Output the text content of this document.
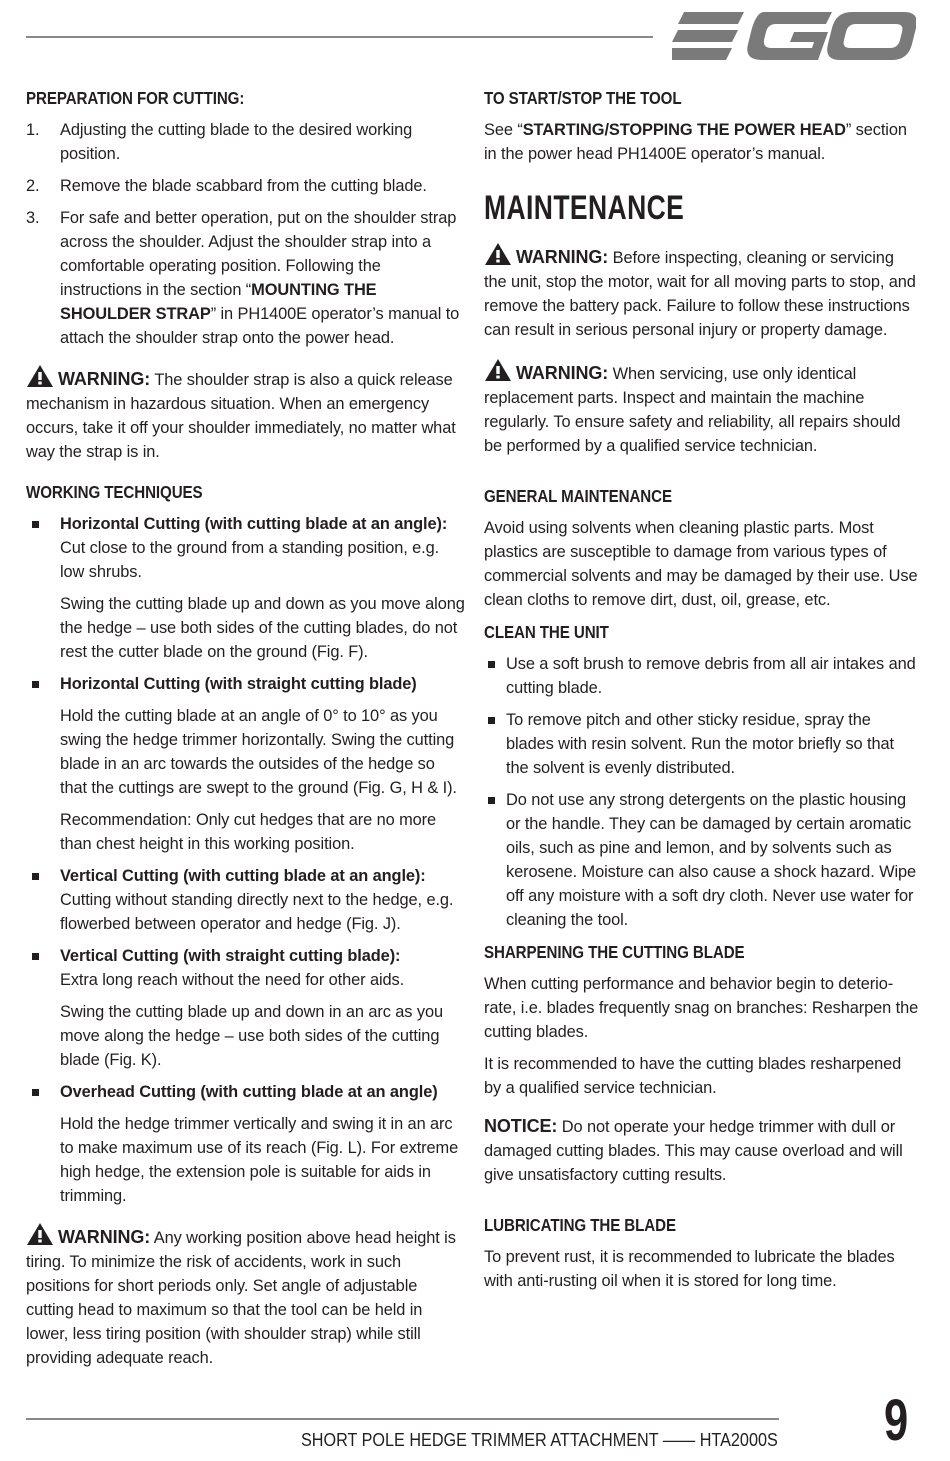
PREPARATION FOR CUTTING:
1. Adjusting the cutting blade to the desired working position.
2. Remove the blade scabbard from the cutting blade.
3. For safe and better operation, put on the shoulder strap across the shoulder. Adjust the shoulder strap into a comfortable operating position. Following the instructions in the section “MOUNTING THE SHOULDER STRAP” in PH1400E operator’s manual to attach the shoulder strap onto the power head.
WARNING: The shoulder strap is also a quick release mechanism in hazardous situation. When an emergency occurs, take it off your shoulder immediately, no matter what way the strap is in.
WORKING TECHNIQUES
Horizontal Cutting (with cutting blade at an angle):
Cut close to the ground from a standing position, e.g. low shrubs.
Swing the cutting blade up and down as you move along the hedge – use both sides of the cutting blades, do not rest the cutter blade on the ground (Fig. F).
Horizontal Cutting (with straight cutting blade)
Hold the cutting blade at an angle of 0° to 10° as you swing the hedge trimmer horizontally. Swing the cutting blade in an arc towards the outsides of the hedge so that the cuttings are swept to the ground (Fig. G, H & I).
Recommendation: Only cut hedges that are no more than chest height in this working position.
Vertical Cutting (with cutting blade at an angle):
Cutting without standing directly next to the hedge, e.g. flowerbed between operator and hedge (Fig. J).
Vertical Cutting (with straight cutting blade):
Extra long reach without the need for other aids.
Swing the cutting blade up and down in an arc as you move along the hedge – use both sides of the cutting blade (Fig. K).
Overhead Cutting (with cutting blade at an angle)
Hold the hedge trimmer vertically and swing it in an arc to make maximum use of its reach (Fig. L). For extreme high hedge, the extension pole is suitable for aids in trimming.
WARNING: Any working position above head height is tiring. To minimize the risk of accidents, work in such positions for short periods only. Set angle of adjustable cutting head to maximum so that the tool can be held in lower, less tiring position (with shoulder strap) while still providing adequate reach.
TO START/STOP THE TOOL
See “STARTING/STOPPING THE POWER HEAD” section in the power head PH1400E operator’s manual.
MAINTENANCE
WARNING: Before inspecting, cleaning or servicing the unit, stop the motor, wait for all moving parts to stop, and remove the battery pack. Failure to follow these instructions can result in serious personal injury or property damage.
WARNING: When servicing, use only identical replacement parts. Inspect and maintain the machine regularly. To ensure safety and reliability, all repairs should be performed by a qualified service technician.
GENERAL MAINTENANCE
Avoid using solvents when cleaning plastic parts. Most plastics are susceptible to damage from various types of commercial solvents and may be damaged by their use. Use clean cloths to remove dirt, dust, oil, grease, etc.
CLEAN THE UNIT
Use a soft brush to remove debris from all air intakes and cutting blade.
To remove pitch and other sticky residue, spray the blades with resin solvent. Run the motor briefly so that the solvent is evenly distributed.
Do not use any strong detergents on the plastic housing or the handle. They can be damaged by certain aromatic oils, such as pine and lemon, and by solvents such as kerosene. Moisture can also cause a shock hazard. Wipe off any moisture with a soft dry cloth. Never use water for cleaning the tool.
SHARPENING THE CUTTING BLADE
When cutting performance and behavior begin to deterio-rate, i.e. blades frequently snag on branches: Resharpen the cutting blades.
It is recommended to have the cutting blades resharpened by a qualified service technician.
NOTICE: Do not operate your hedge trimmer with dull or damaged cutting blades. This may cause overload and will give unsatisfactory cutting results.
LUBRICATING THE BLADE
To prevent rust, it is recommended to lubricate the blades with anti-rusting oil when it is stored for long time.
SHORT POLE HEDGE TRIMMER ATTACHMENT —— HTA2000S 9
